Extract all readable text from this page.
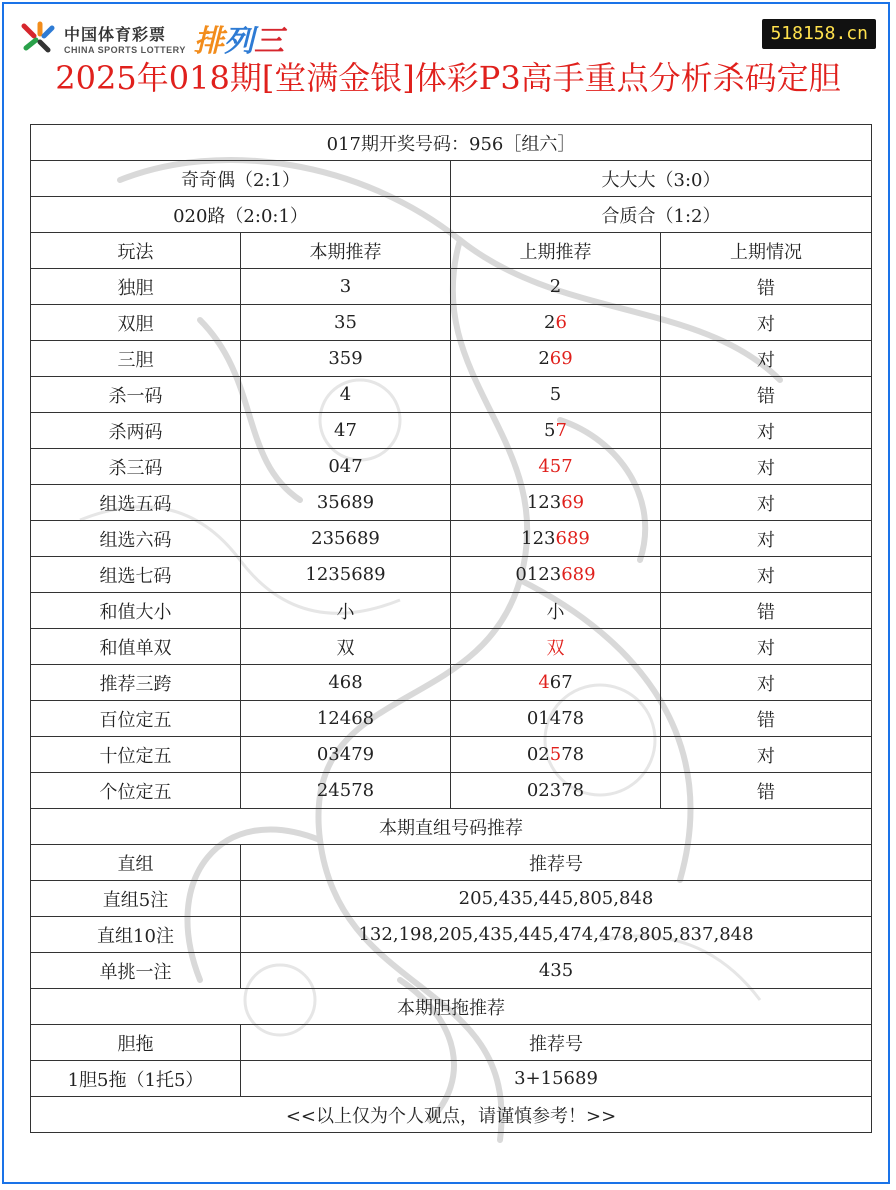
中国体育彩票
CHINA SPORTS LOTTERY 排列三	518158.cn
2025年018期[堂满金银]体彩P3高手重点分析杀码定胆
017期开奖号码：956［组六］			
奇奇偶（2:1）		大大大（3:0）	
020路（2:0:1）		合质合（1:2）	
玩法	本期推荐	上期推荐	上期情况
独胆	3	2	错
双胆	35	26	对
三胆	359	269	对
杀一码	4	5	错
杀两码	47	57	对
杀三码	047	457	对
组选五码	35689	12369	对
组选六码	235689	123689	对
组选七码	1235689	0123689	对
和值大小	小	小	错
和值单双	双	双	对
推荐三跨	468	467	对
百位定五	12468	01478	错
十位定五	03479	02578	对
个位定五	24578	02378	错
本期直组号码推荐			
直组	推荐号		
直组5注	205,435,445,805,848		
直组10注	132,198,205,435,445,474,478,805,837,848		
单挑一注	435		
本期胆拖推荐			
胆拖	推荐号		
1胆5拖（1托5）	3+15689		
<<以上仅为个人观点，请谨慎参考！>>			
